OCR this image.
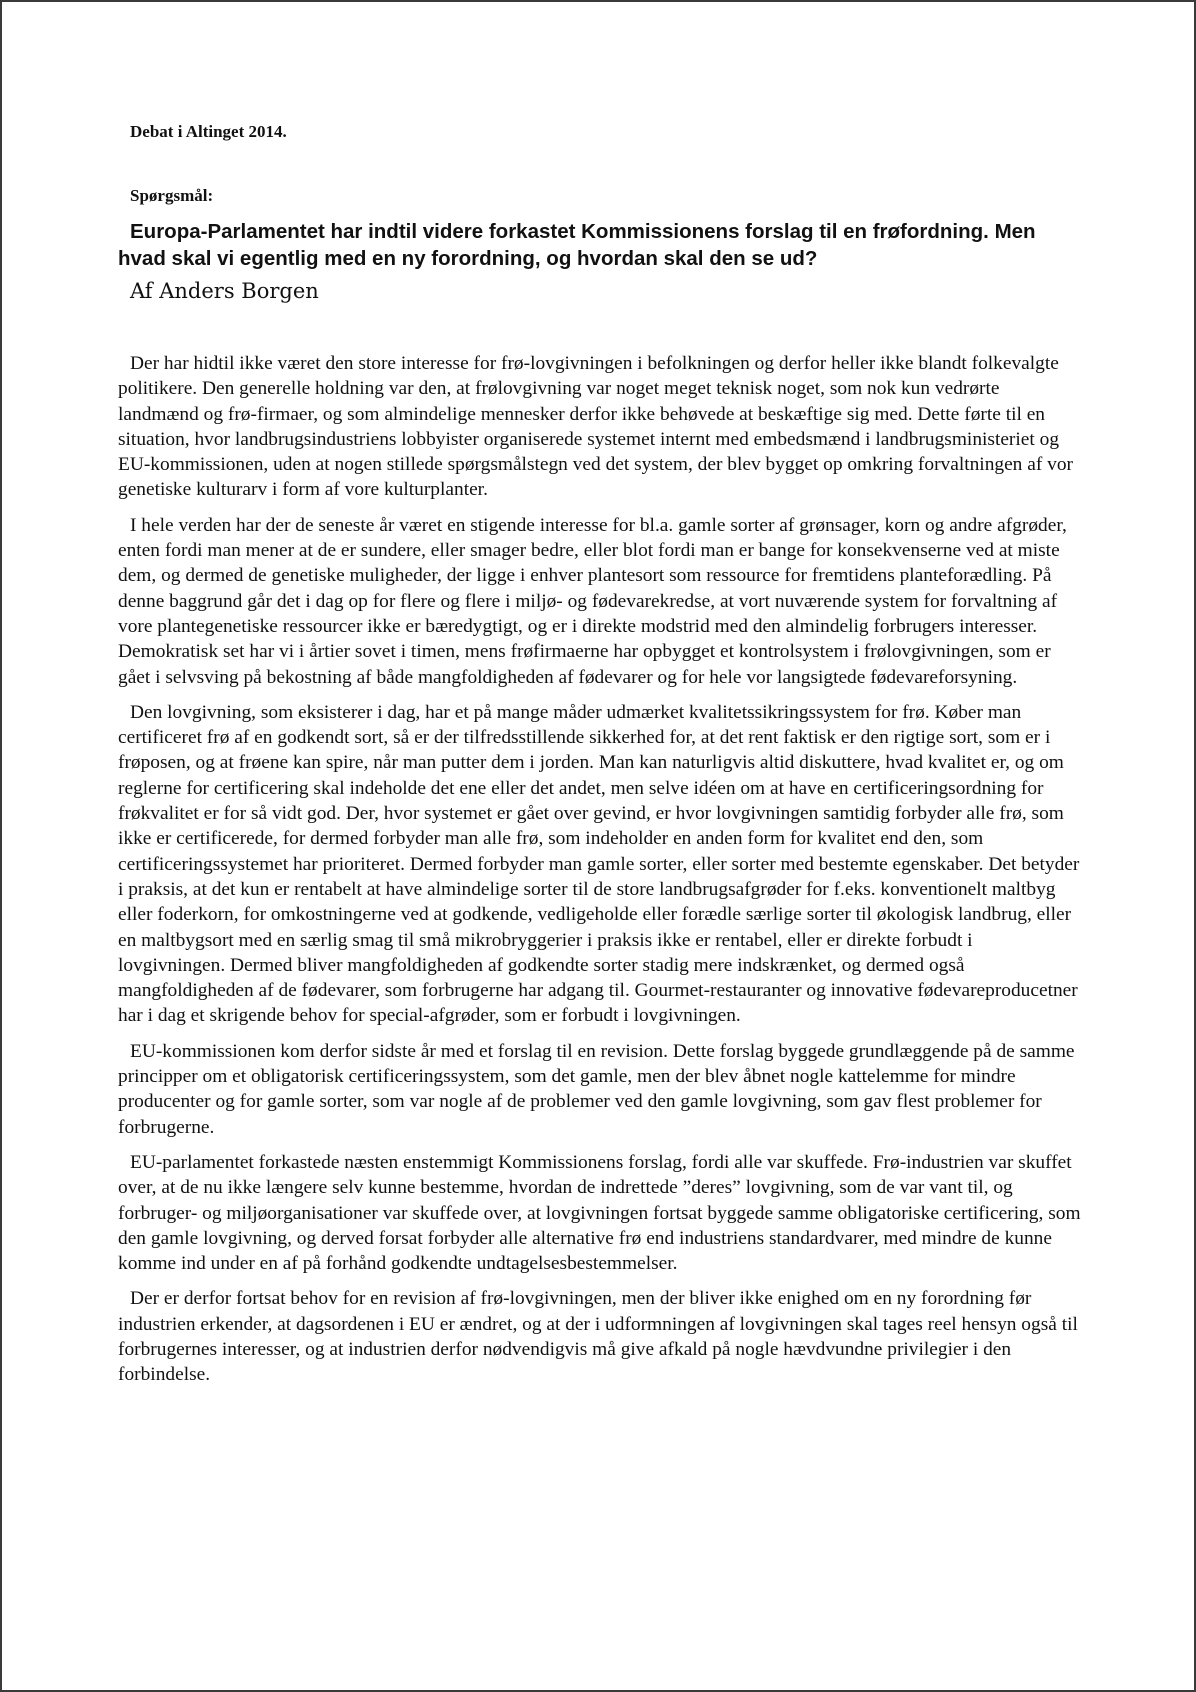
Debat i Altinget 2014.

Spørgsmål:

Europa-Parlamentet har indtil videre forkastet Kommissionens forslag til en frøfordning. Men hvad skal vi egentlig med en ny forordning, og hvordan skal den se ud?

Af Anders Borgen

Der har hidtil ikke været den store interesse for frø-lovgivningen i befolkningen og derfor heller ikke blandt folkevalgte politikere. Den generelle holdning var den, at frølovgivning var noget meget teknisk noget, som nok kun vedrørte landmænd og frø-firmaer, og som almindelige mennesker derfor ikke behøvede at beskæftige sig med. Dette førte til en situation, hvor landbrugsindustriens lobbyister organiserede systemet internt med embedsmænd i landbrugsministeriet og EU-kommissionen, uden at nogen stillede spørgsmålstegn ved det system, der blev bygget op omkring forvaltningen af vor genetiske kulturarv i form af vore kulturplanter.

I hele verden har der de seneste år været en stigende interesse for bl.a. gamle sorter af grønsager, korn og andre afgrøder, enten fordi man mener at de er sundere, eller smager bedre, eller blot fordi man er bange for konsekvenserne ved at miste dem, og dermed de genetiske muligheder, der ligge i enhver plantesort som ressource for fremtidens planteforædling. På denne baggrund går det i dag op for flere og flere i miljø- og fødevarekredse, at vort nuværende system for forvaltning af vore plantegenetiske ressourcer ikke er bæredygtigt, og er i direkte modstrid med den almindelig forbrugers interesser. Demokratisk set har vi i årtier sovet i timen, mens frøfirmaerne har opbygget et kontrolsystem i frølovgivningen, som er gået i selvsving på bekostning af både mangfoldigheden af fødevarer og for hele vor langsigtede fødevareforsyning.

Den lovgivning, som eksisterer i dag, har et på mange måder udmærket kvalitetssikringssystem for frø. Køber man certificeret frø af en godkendt sort, så er der tilfredsstillende sikkerhed for, at det rent faktisk er den rigtige sort, som er i frøposen, og at frøene kan spire, når man putter dem i jorden. Man kan naturligvis altid diskuttere, hvad kvalitet er, og om reglerne for certificering skal indeholde det ene eller det andet, men selve idéen om at have en certificeringsordning for frøkvalitet er for så vidt god. Der, hvor systemet er gået over gevind, er hvor lovgivningen samtidig forbyder alle frø, som ikke er certificerede, for dermed forbyder man alle frø, som indeholder en anden form for kvalitet end den, som certificeringssystemet har prioriteret. Dermed forbyder man gamle sorter, eller sorter med bestemte egenskaber. Det betyder i praksis, at det kun er rentabelt at have almindelige sorter til de store landbrugsafgrøder for f.eks. konventionelt maltbyg eller foderkorn, for omkostningerne ved at godkende, vedligeholde eller forædle særlige sorter til økologisk landbrug, eller en maltbygsort med en særlig smag til små mikrobryggerier i praksis ikke er rentabel, eller er direkte forbudt i lovgivningen. Dermed bliver mangfoldigheden af godkendte sorter stadig mere indskrænket, og dermed også mangfoldigheden af de fødevarer, som forbrugerne har adgang til. Gourmet-restauranter og innovative fødevareproducetner har i dag et skrigende behov for special-afgrøder, som er forbudt i lovgivningen.

EU-kommissionen kom derfor sidste år med et forslag til en revision. Dette forslag byggede grundlæggende på de samme principper om et obligatorisk certificeringssystem, som det gamle, men der blev åbnet nogle kattelemme for mindre producenter og for gamle sorter, som var nogle af de problemer ved den gamle lovgivning, som gav flest problemer for forbrugerne.

EU-parlamentet forkastede næsten enstemmigt Kommissionens forslag, fordi alle var skuffede. Frø-industrien var skuffet over, at de nu ikke længere selv kunne bestemme, hvordan de indrettede ”deres” lovgivning, som de var vant til, og forbruger- og miljøorganisationer var skuffede over, at lovgivningen fortsat byggede samme obligatoriske certificering, som den gamle lovgivning, og derved forsat forbyder alle alternative frø end industriens standardvarer, med mindre de kunne komme ind under en af på forhånd godkendte undtagelsesbestemmelser.

Der er derfor fortsat behov for en revision af frø-lovgivningen, men der bliver ikke enighed om en ny forordning før industrien erkender, at dagsordenen i EU er ændret, og at der i udformningen af lovgivningen skal tages reel hensyn også til forbrugernes interesser, og at industrien derfor nødvendigvis må give afkald på nogle hævdvundne privilegier i den forbindelse.
